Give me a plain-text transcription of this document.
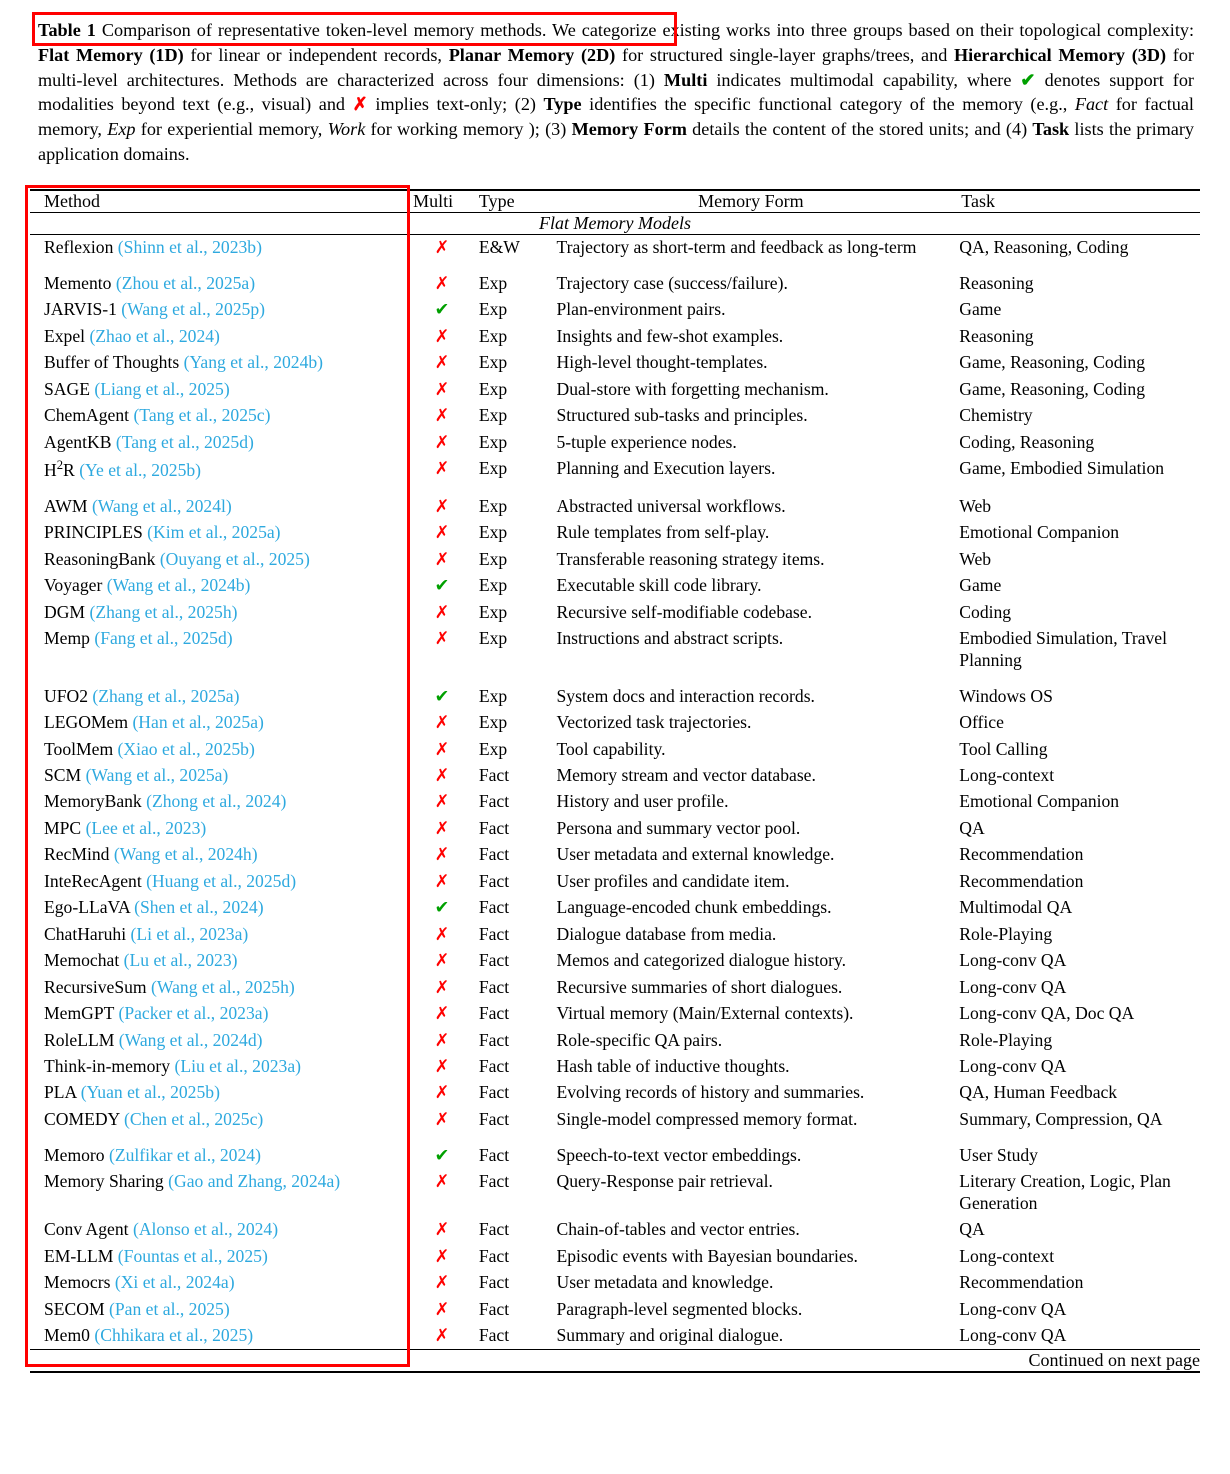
Table 1 Comparison of representative token-level memory methods. We categorize existing works into three groups based on their topological complexity: Flat Memory (1D) for linear or independent records, Planar Memory (2D) for structured single-layer graphs/trees, and Hierarchical Memory (3D) for multi-level architectures. Methods are characterized across four dimensions: (1) Multi indicates multimodal capability, where ✔ denotes support for modalities beyond text (e.g., visual) and ✗ implies text-only; (2) Type identifies the specific functional category of the memory (e.g., Fact for factual memory, Exp for experiential memory, Work for working memory ); (3) Memory Form details the content of the stored units; and (4) Task lists the primary application domains.
Method	Multi	Type	Memory Form	Task
Flat Memory Models				

Reflexion (Shinn et al., 2023b)	✗	E&W	Trajectory as short-term and feedback as long-term	QA, Reasoning, Coding
Memento (Zhou et al., 2025a)	✗	Exp	Trajectory case (success/failure).	Reasoning
JARVIS-1 (Wang et al., 2025p)	✔	Exp	Plan-environment pairs.	Game
Expel (Zhao et al., 2024)	✗	Exp	Insights and few-shot examples.	Reasoning
Buffer of Thoughts (Yang et al., 2024b)	✗	Exp	High-level thought-templates.	Game, Reasoning, Coding
SAGE (Liang et al., 2025)	✗	Exp	Dual-store with forgetting mechanism.	Game, Reasoning, Coding
ChemAgent (Tang et al., 2025c)	✗	Exp	Structured sub-tasks and principles.	Chemistry
AgentKB (Tang et al., 2025d)	✗	Exp	5-tuple experience nodes.	Coding, Reasoning
$H^2R$ (Ye et al., 2025b)	✗	Exp	Planning and Execution layers.	Game, Embodied Simulation
AWM (Wang et al., 2024l)	✗	Exp	Abstracted universal workflows.	Web
PRINCIPLES (Kim et al., 2025a)	✗	Exp	Rule templates from self-play.	Emotional Companion
ReasoningBank (Ouyang et al., 2025)	✗	Exp	Transferable reasoning strategy items.	Web
Voyager (Wang et al., 2024b)	✔	Exp	Executable skill code library.	Game
DGM (Zhang et al., 2025h)	✗	Exp	Recursive self-modifiable codebase.	Coding
Memp (Fang et al., 2025d)	✗	Exp	Instructions and abstract scripts.	Embodied Simulation, Travel Planning
UFO2 (Zhang et al., 2025a)	✔	Exp	System docs and interaction records.	Windows OS
LEGOMem (Han et al., 2025a)	✗	Exp	Vectorized task trajectories.	Office
ToolMem (Xiao et al., 2025b)	✗	Exp	Tool capability.	Tool Calling
SCM (Wang et al., 2025a)	✗	Fact	Memory stream and vector database.	Long-context
MemoryBank (Zhong et al., 2024)	✗	Fact	History and user profile.	Emotional Companion
MPC (Lee et al., 2023)	✗	Fact	Persona and summary vector pool.	QA
RecMind (Wang et al., 2024h)	✗	Fact	User metadata and external knowledge.	Recommendation
InteRecAgent (Huang et al., 2025d)	✗	Fact	User profiles and candidate item.	Recommendation
Ego-LLaVA (Shen et al., 2024)	✔	Fact	Language-encoded chunk embeddings.	Multimodal QA
ChatHaruhi (Li et al., 2023a)	✗	Fact	Dialogue database from media.	Role-Playing
Memochat (Lu et al., 2023)	✗	Fact	Memos and categorized dialogue history.	Long-conv QA
RecursiveSum (Wang et al., 2025h)	✗	Fact	Recursive summaries of short dialogues.	Long-conv QA
MemGPT (Packer et al., 2023a)	✗	Fact	Virtual memory (Main/External contexts).	Long-conv QA, Doc QA
RoleLLM (Wang et al., 2024d)	✗	Fact	Role-specific QA pairs.	Role-Playing
Think-in-memory (Liu et al., 2023a)	✗	Fact	Hash table of inductive thoughts.	Long-conv QA
PLA (Yuan et al., 2025b)	✗	Fact	Evolving records of history and summaries.	QA, Human Feedback
COMEDY (Chen et al., 2025c)	✗	Fact	Single-model compressed memory format.	Summary, Compression, QA
Memoro (Zulfikar et al., 2024)	✔	Fact	Speech-to-text vector embeddings.	User Study
Memory Sharing (Gao and Zhang, 2024a)	✗	Fact	Query-Response pair retrieval.	Literary Creation, Logic, Plan Generation
Conv Agent (Alonso et al., 2024)	✗	Fact	Chain-of-tables and vector entries.	QA
EM-LLM (Fountas et al., 2025)	✗	Fact	Episodic events with Bayesian boundaries.	Long-context
Memocrs (Xi et al., 2024a)	✗	Fact	User metadata and knowledge.	Recommendation
SECOM (Pan et al., 2025)	✗	Fact	Paragraph-level segmented blocks.	Long-conv QA
Mem0 (Chhikara et al., 2025)	✗	Fact	Summary and original dialogue.	Long-conv QA
Continued on next page				
